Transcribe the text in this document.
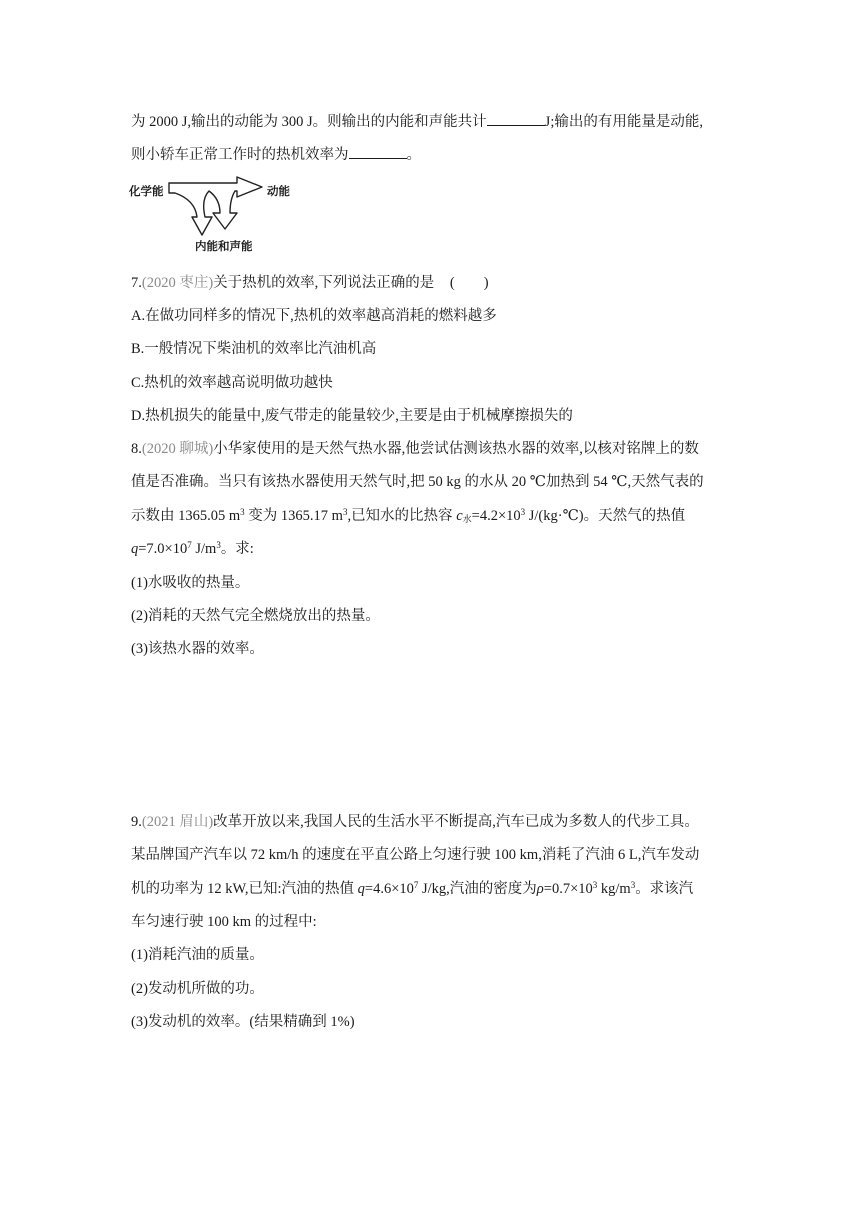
为 2000 J,输出的动能为 300 J。则输出的内能和声能共计	J;输出的有用能量是动能,
则小轿车正常工作时的热机效率为	。
化学能	动能
内能和声能
7.(2020 枣庄)关于热机的效率,下列说法正确的是 (        )
A.在做功同样多的情况下,热机的效率越高消耗的燃料越多
B.一般情况下柴油机的效率比汽油机高
C.热机的效率越高说明做功越快
D.热机损失的能量中,废气带走的能量较少,主要是由于机械摩擦损失的
8.(2020 聊城)小华家使用的是天然气热水器,他尝试估测该热水器的效率,以核对铭牌上的数
值是否准确。当只有该热水器使用天然气时,把 50 kg 的水从 20 ℃加热到 54 ℃,天然气表的
示数由 1365.05 $m^3$ 变为 1365.17 $m^3$,已知水的比热容 $c_水=4.2\times 10^3$ J/(kg·℃)。天然气的热值
$q=7.0\times 10^7$ $J/m^3$。求:
(1)水吸收的热量。
(2)消耗的天然气完全燃烧放出的热量。
(3)该热水器的效率。
9.(2021 眉山)改革开放以来,我国人民的生活水平不断提高,汽车已成为多数人的代步工具。
某品牌国产汽车以 72 km/h 的速度在平直公路上匀速行驶 100 km,消耗了汽油 6 L,汽车发动
机的功率为 12 kW,已知:汽油的热值 $q=4.6\times 10^7$ J/kg,汽油的密度为$\rho=0.7\times 10^3$ $kg/m^3$。求该汽
车匀速行驶 100 km 的过程中:
(1)消耗汽油的质量。
(2)发动机所做的功。
(3)发动机的效率。(结果精确到 1%)
